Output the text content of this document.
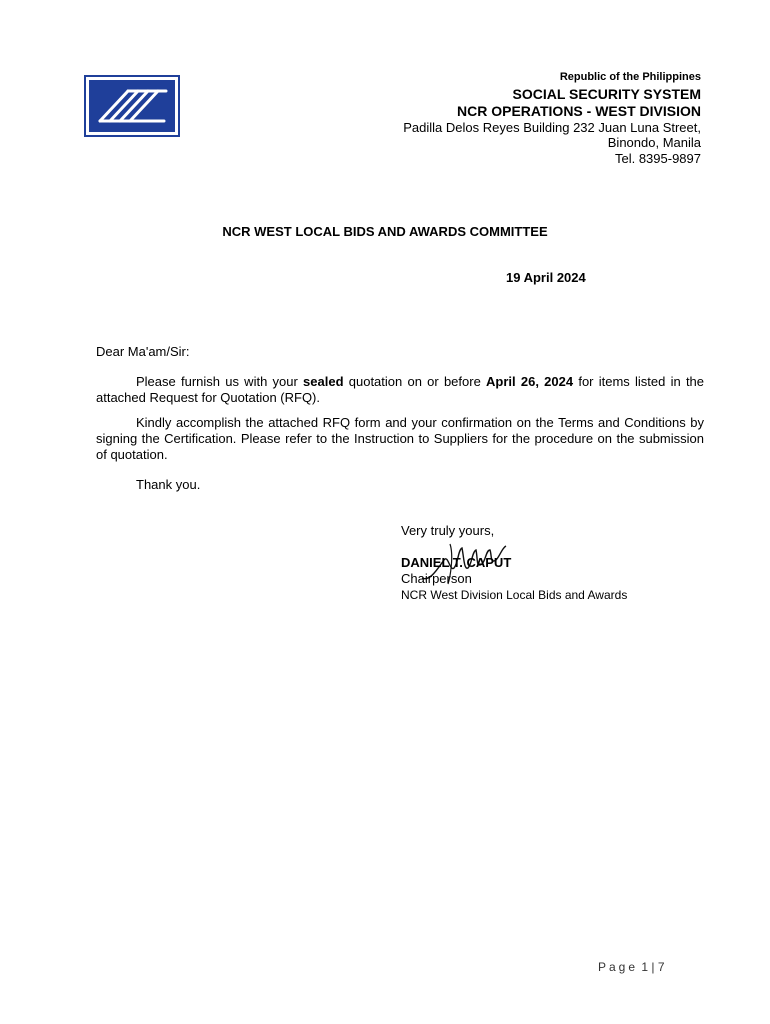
Republic of the Philippines
SOCIAL SECURITY SYSTEM
NCR OPERATIONS - WEST DIVISION
Padilla Delos Reyes Building 232 Juan Luna Street,
Binondo, Manila
Tel. 8395-9897
NCR WEST LOCAL BIDS AND AWARDS COMMITTEE
19 April 2024

Dear Ma'am/Sir:

Please furnish us with your sealed quotation on or before April 26, 2024 for items listed in the attached Request for Quotation (RFQ).

Kindly accomplish the attached RFQ form and your confirmation on the Terms and Conditions by signing the Certification. Please refer to the Instruction to Suppliers for the procedure on the submission of quotation.

Thank you.

Very truly yours,
DANIEL T. CAPUT
Chairperson
NCR West Division Local Bids and Awards
Page 1 | 7
